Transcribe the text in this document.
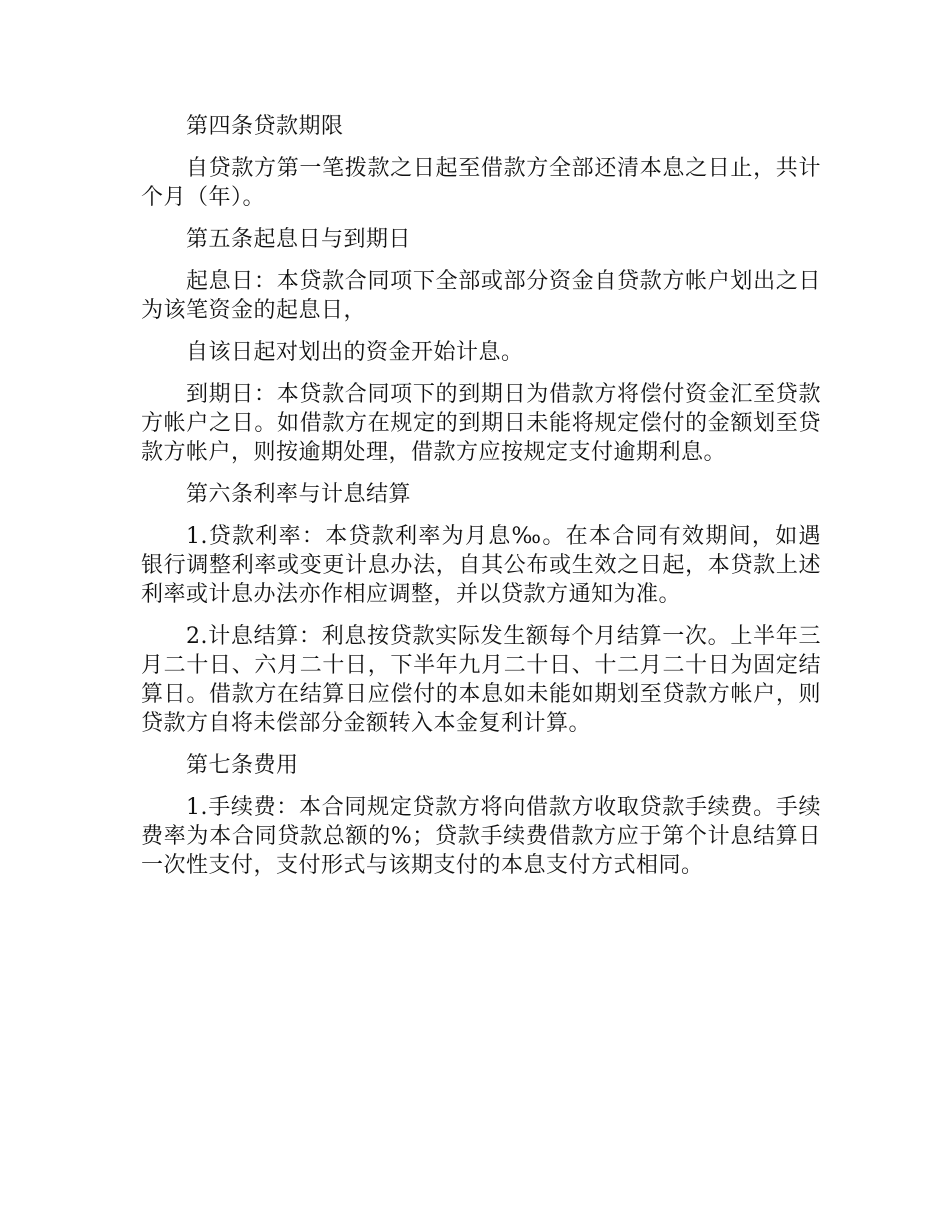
第四条贷款期限

自贷款方第一笔拨款之日起至借款方全部还清本息之日止，共计个月（年）。

第五条起息日与到期日

起息日：本贷款合同项下全部或部分资金自贷款方帐户划出之日为该笔资金的起息日，

自该日起对划出的资金开始计息。

到期日：本贷款合同项下的到期日为借款方将偿付资金汇至贷款方帐户之日。如借款方在规定的到期日未能将规定偿付的金额划至贷款方帐户，则按逾期处理，借款方应按规定支付逾期利息。

第六条利率与计息结算

1.贷款利率：本贷款利率为月息‰。在本合同有效期间，如遇银行调整利率或变更计息办法，自其公布或生效之日起，本贷款上述利率或计息办法亦作相应调整，并以贷款方通知为准。

2.计息结算：利息按贷款实际发生额每个月结算一次。上半年三月二十日、六月二十日，下半年九月二十日、十二月二十日为固定结算日。借款方在结算日应偿付的本息如未能如期划至贷款方帐户，则贷款方自将未偿部分金额转入本金复利计算。

第七条费用

1.手续费：本合同规定贷款方将向借款方收取贷款手续费。手续费率为本合同贷款总额的%；贷款手续费借款方应于第个计息结算日一次性支付，支付形式与该期支付的本息支付方式相同。
